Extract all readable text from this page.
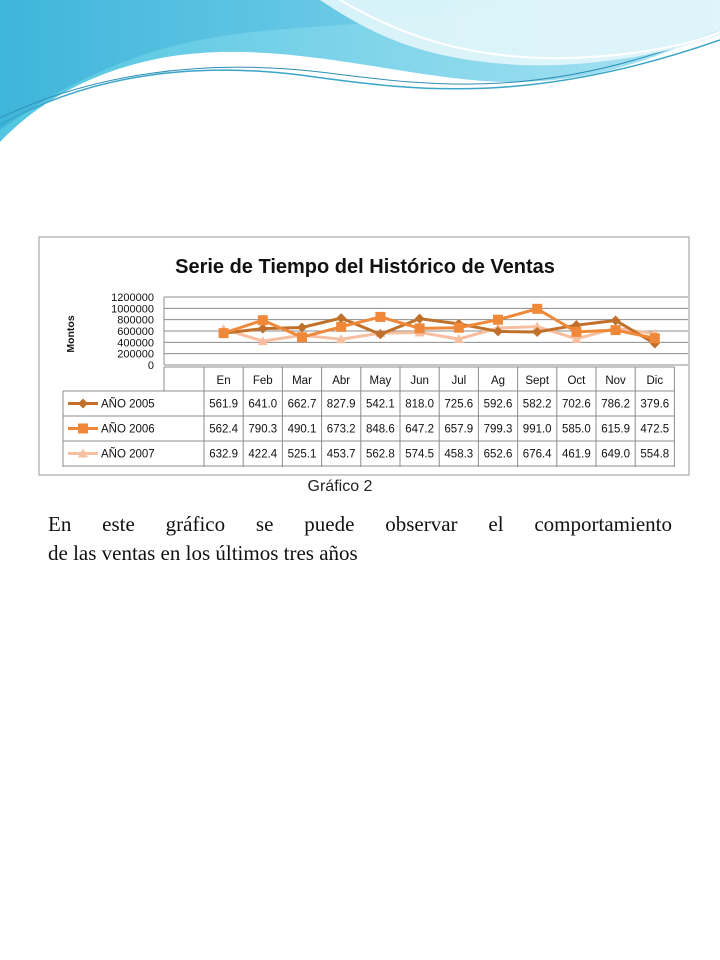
Serie de Tiempo del Histórico de Ventas
Montos
1200000
1000000
800000
600000
400000
200000
0
En Feb Mar Abr May Jun Jul Ag Sept Oct Nov Dic
AÑO 2005	561.9 641.0 662.7 827.9 542.1 818.0 725.6 592.6 582.2 702.6 786.2 379.6
AÑO 2006	562.4 790.3 490.1 673.2 848.6 647.2 657.9 799.3 991.0 585.0 615.9 472.5
AÑO 2007	632.9 422.4 525.1 453.7 562.8 574.5 458.3 652.6 676.4 461.9 649.0 554.8
Gráfico 2
En este gráfico se puede observar el comportamiento
de las ventas en los últimos tres años
